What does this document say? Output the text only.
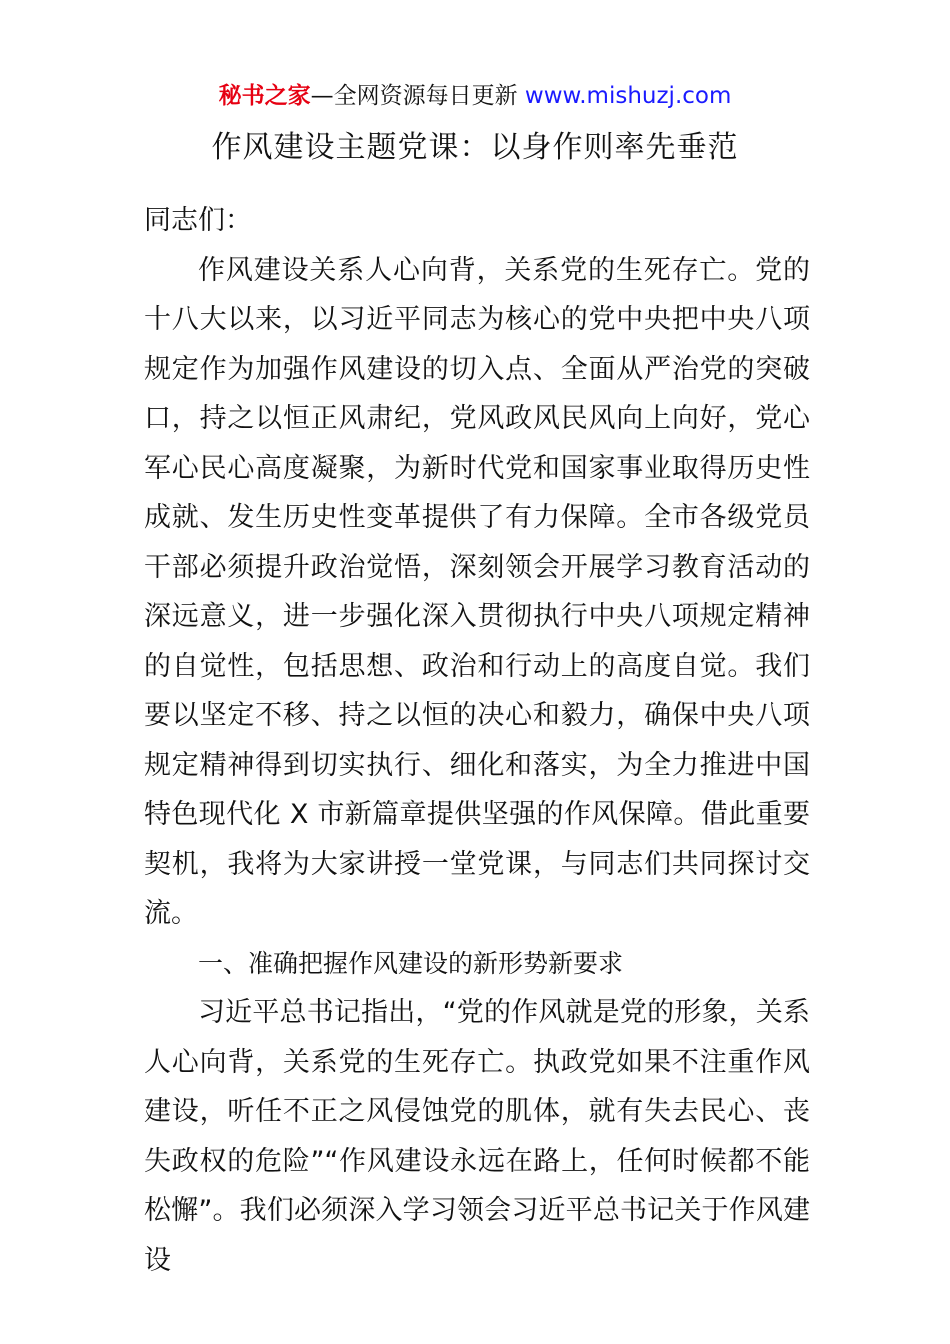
秘书之家—全网资源每日更新 www.mishuzj.com
作风建设主题党课：以身作则率先垂范

同志们：

作风建设关系人心向背，关系党的生死存亡。党的十八大以来，以习近平同志为核心的党中央把中央八项规定作为加强作风建设的切入点、全面从严治党的突破口，持之以恒正风肃纪，党风政风民风向上向好，党心军心民心高度凝聚，为新时代党和国家事业取得历史性成就、发生历史性变革提供了有力保障。全市各级党员干部必须提升政治觉悟，深刻领会开展学习教育活动的深远意义，进一步强化深入贯彻执行中央八项规定精神的自觉性，包括思想、政治和行动上的高度自觉。我们要以坚定不移、持之以恒的决心和毅力，确保中央八项规定精神得到切实执行、细化和落实，为全力推进中国特色现代化 X 市新篇章提供坚强的作风保障。借此重要契机，我将为大家讲授一堂党课，与同志们共同探讨交流。

一、准确把握作风建设的新形势新要求

习近平总书记指出，“党的作风就是党的形象，关系人心向背，关系党的生死存亡。执政党如果不注重作风建设，听任不正之风侵蚀党的肌体，就有失去民心、丧失政权的危险”“作风建设永远在路上，任何时候都不能松懈”。我们必须深入学习领会习近平总书记关于作风建设
